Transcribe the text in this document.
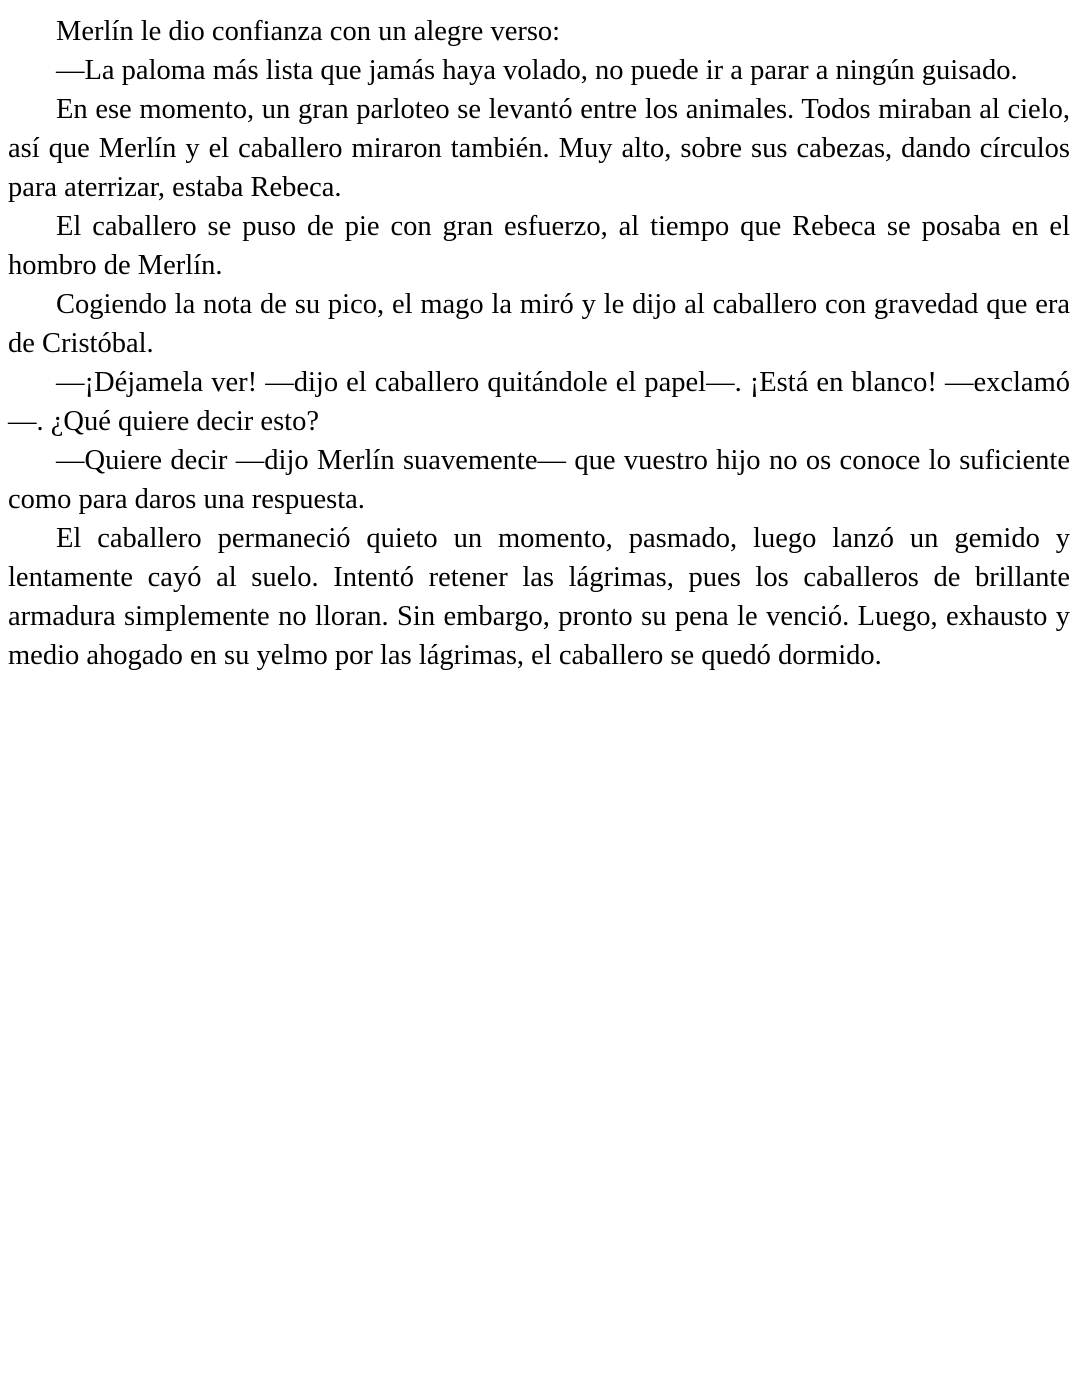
Merlín le dio confianza con un alegre verso:

—La paloma más lista que jamás haya volado, no puede ir a parar a ningún guisado.

En ese momento, un gran parloteo se levantó entre los animales. Todos miraban al cielo, así que Merlín y el caballero miraron también. Muy alto, sobre sus cabezas, dando círculos para aterrizar, estaba Rebeca.

El caballero se puso de pie con gran esfuerzo, al tiempo que Rebeca se posaba en el hombro de Merlín.

Cogiendo la nota de su pico, el mago la miró y le dijo al caballero con gravedad que era de Cristóbal.

—¡Déjamela ver! —dijo el caballero quitándole el papel—. ¡Está en blanco! —exclamó—. ¿Qué quiere decir esto?

—Quiere decir —dijo Merlín suavemente— que vuestro hijo no os conoce lo suficiente como para daros una respuesta.

El caballero permaneció quieto un momento, pasmado, luego lanzó un gemido y lentamente cayó al suelo. Intentó retener las lágrimas, pues los caballeros de brillante armadura simplemente no lloran. Sin embargo, pronto su pena le venció. Luego, exhausto y medio ahogado en su yelmo por las lágrimas, el caballero se quedó dormido.
